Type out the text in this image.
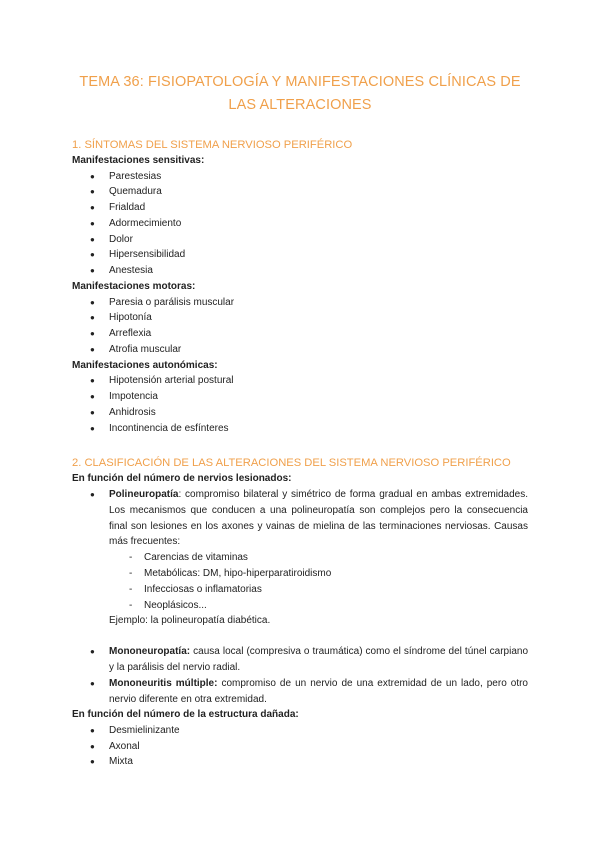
TEMA 36: FISIOPATOLOGÍA Y MANIFESTACIONES CLÍNICAS DE LAS ALTERACIONES
1. SÍNTOMAS DEL SISTEMA NERVIOSO PERIFÉRICO

Manifestaciones sensitivas:

● Parestesias
● Quemadura
● Frialdad
● Adormecimiento
● Dolor
● Hipersensibilidad
● Anestesia

Manifestaciones motoras:

● Paresia o parálisis muscular
● Hipotonía
● Arreflexia
● Atrofia muscular

Manifestaciones autonómicas:

● Hipotensión arterial postural
● Impotencia
● Anhidrosis
● Incontinencia de esfínteres
2. CLASIFICACIÓN DE LAS ALTERACIONES DEL SISTEMA NERVIOSO PERIFÉRICO

En función del número de nervios lesionados:

● Polineuropatía: compromiso bilateral y simétrico de forma gradual en ambas extremidades. Los mecanismos que conducen a una polineuropatía son complejos pero la consecuencia final son lesiones en los axones y vainas de mielina de las terminaciones nerviosas. Causas más frecuentes:
- Carencias de vitaminas
- Metabólicas: DM, hipo-hiperparatiroidismo
- Infecciosas o inflamatorias
- Neoplásicos...
Ejemplo: la polineuropatía diabética.
● Mononeuropatía: causa local (compresiva o traumática) como el síndrome del túnel carpiano y la parálisis del nervio radial.
● Mononeuritis múltiple: compromiso de un nervio de una extremidad de un lado, pero otro nervio diferente en otra extremidad.

En función del número de la estructura dañada:

● Desmielinizante
● Axonal
● Mixta
